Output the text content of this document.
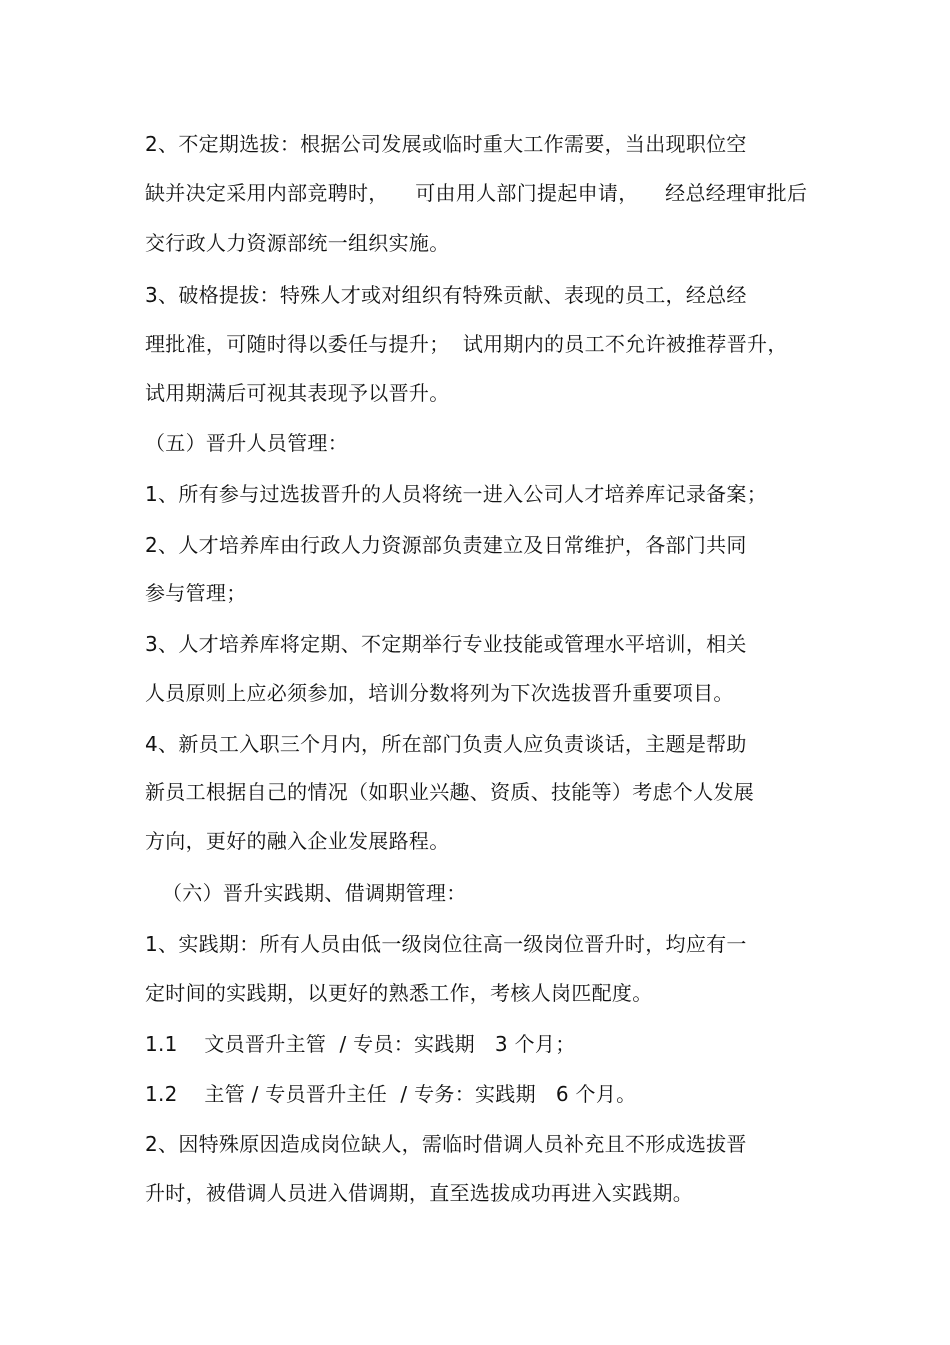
2、不定期选拔：根据公司发展或临时重大工作需要，当出现职位空
缺并决定采用内部竞聘时，    可由用人部门提起申请，    经总经理审批后
交行政人力资源部统一组织实施。
3、破格提拔：特殊人才或对组织有特殊贡献、表现的员工，经总经
理批准，可随时得以委任与提升；  试用期内的员工不允许被推荐晋升，
试用期满后可视其表现予以晋升。
（五）晋升人员管理：
1、所有参与过选拔晋升的人员将统一进入公司人才培养库记录备案；
2、人才培养库由行政人力资源部负责建立及日常维护，各部门共同
参与管理；
3、人才培养库将定期、不定期举行专业技能或管理水平培训，相关
人员原则上应必须参加，培训分数将列为下次选拔晋升重要项目。
4、新员工入职三个月内，所在部门负责人应负责谈话，主题是帮助
新员工根据自己的情况（如职业兴趣、资质、技能等）考虑个人发展
方向，更好的融入企业发展路程。
（六）晋升实践期、借调期管理：
1、实践期：所有人员由低一级岗位往高一级岗位晋升时，均应有一
定时间的实践期，以更好的熟悉工作，考核人岗匹配度。
1.1    文员晋升主管  / 专员：实践期   3 个月；
1.2    主管 / 专员晋升主任  / 专务：实践期   6 个月。
2、因特殊原因造成岗位缺人，需临时借调人员补充且不形成选拔晋
升时，被借调人员进入借调期，直至选拔成功再进入实践期。
